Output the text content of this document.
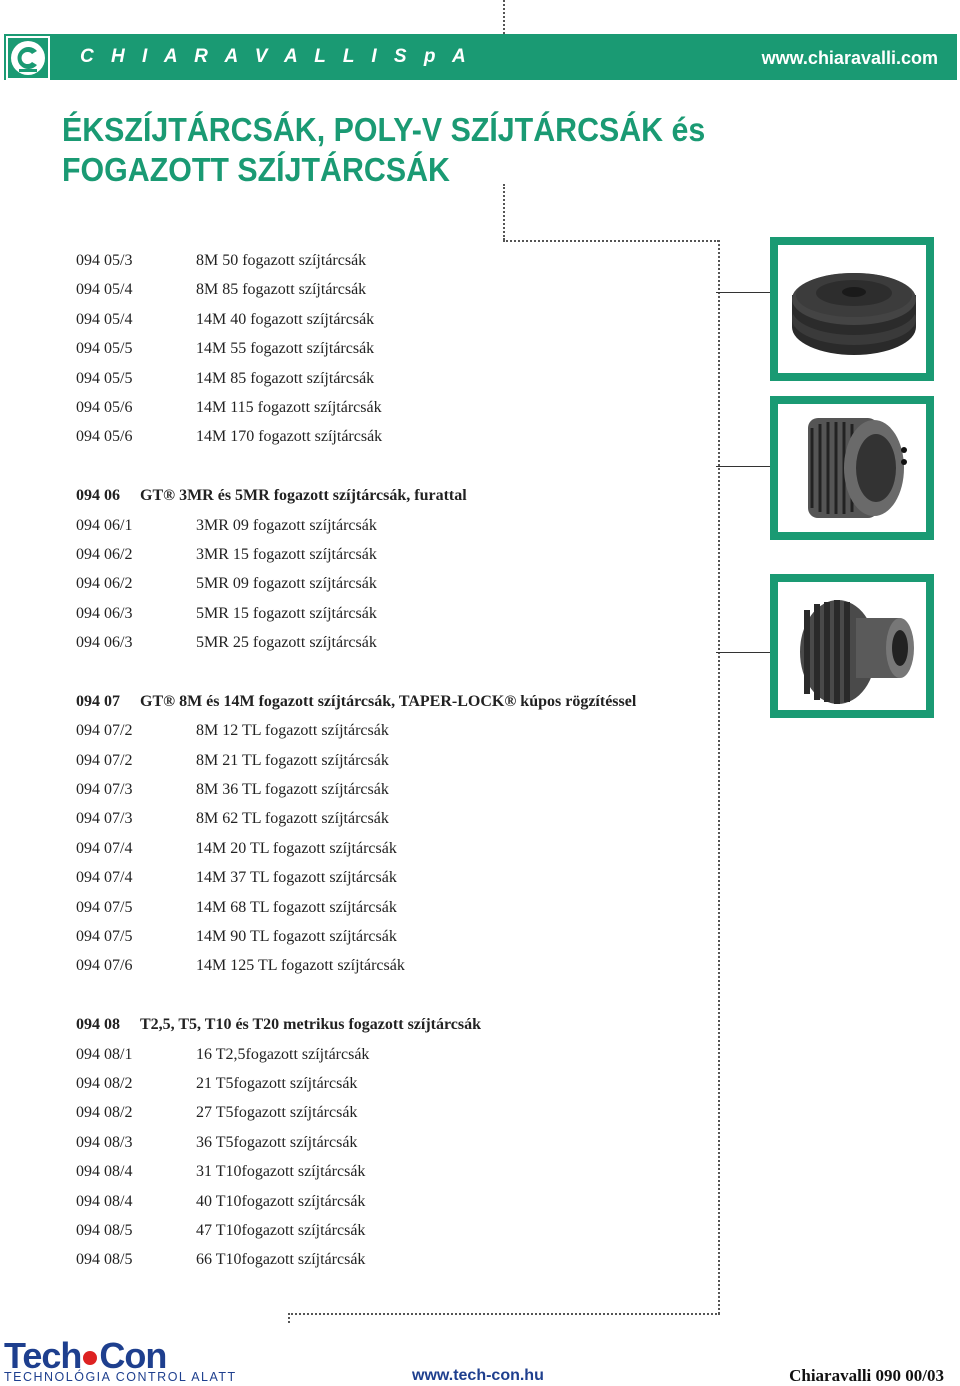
C H I A R A V A L L I S p A	www.chiaravalli.com
ÉKSZÍJTÁRCSÁK, POLY-V SZÍJTÁRCSÁK és
FOGAZOTT SZÍJTÁRCSÁK
094 05/3	8M 50 fogazott szíjtárcsák
094 05/4	8M 85 fogazott szíjtárcsák
094 05/4	14M 40 fogazott szíjtárcsák
094 05/5	14M 55 fogazott szíjtárcsák
094 05/5	14M 85 fogazott szíjtárcsák
094 05/6	14M 115 fogazott szíjtárcsák
094 05/6	14M 170 fogazott szíjtárcsák
094 06 GT® 3MR és 5MR fogazott szíjtárcsák, furattal
094 06/1	3MR 09 fogazott szíjtárcsák
094 06/2	3MR 15 fogazott szíjtárcsák
094 06/2	5MR 09 fogazott szíjtárcsák
094 06/3	5MR 15 fogazott szíjtárcsák
094 06/3	5MR 25 fogazott szíjtárcsák
094 07 GT® 8M és 14M fogazott szíjtárcsák, TAPER-LOCK® kúpos rögzítéssel
094 07/2	8M 12 TL fogazott szíjtárcsák
094 07/2	8M 21 TL fogazott szíjtárcsák
094 07/3	8M 36 TL fogazott szíjtárcsák
094 07/3	8M 62 TL fogazott szíjtárcsák
094 07/4	14M 20 TL fogazott szíjtárcsák
094 07/4	14M 37 TL fogazott szíjtárcsák
094 07/5	14M 68 TL fogazott szíjtárcsák
094 07/5	14M 90 TL fogazott szíjtárcsák
094 07/6	14M 125 TL fogazott szíjtárcsák
094 08 T2,5, T5, T10 és T20 metrikus fogazott szíjtárcsák
094 08/1	16 T2,5fogazott szíjtárcsák
094 08/2	21 T5fogazott szíjtárcsák
094 08/2	27 T5fogazott szíjtárcsák
094 08/3	36 T5fogazott szíjtárcsák
094 08/4	31 T10fogazott szíjtárcsák
094 08/4	40 T10fogazott szíjtárcsák
094 08/5	47 T10fogazott szíjtárcsák
094 08/5	66 T10fogazott szíjtárcsák
Tech Con
TECHNOLÓGIA CONTROL ALATT	www.tech-con.hu	Chiaravalli 090 00/03
